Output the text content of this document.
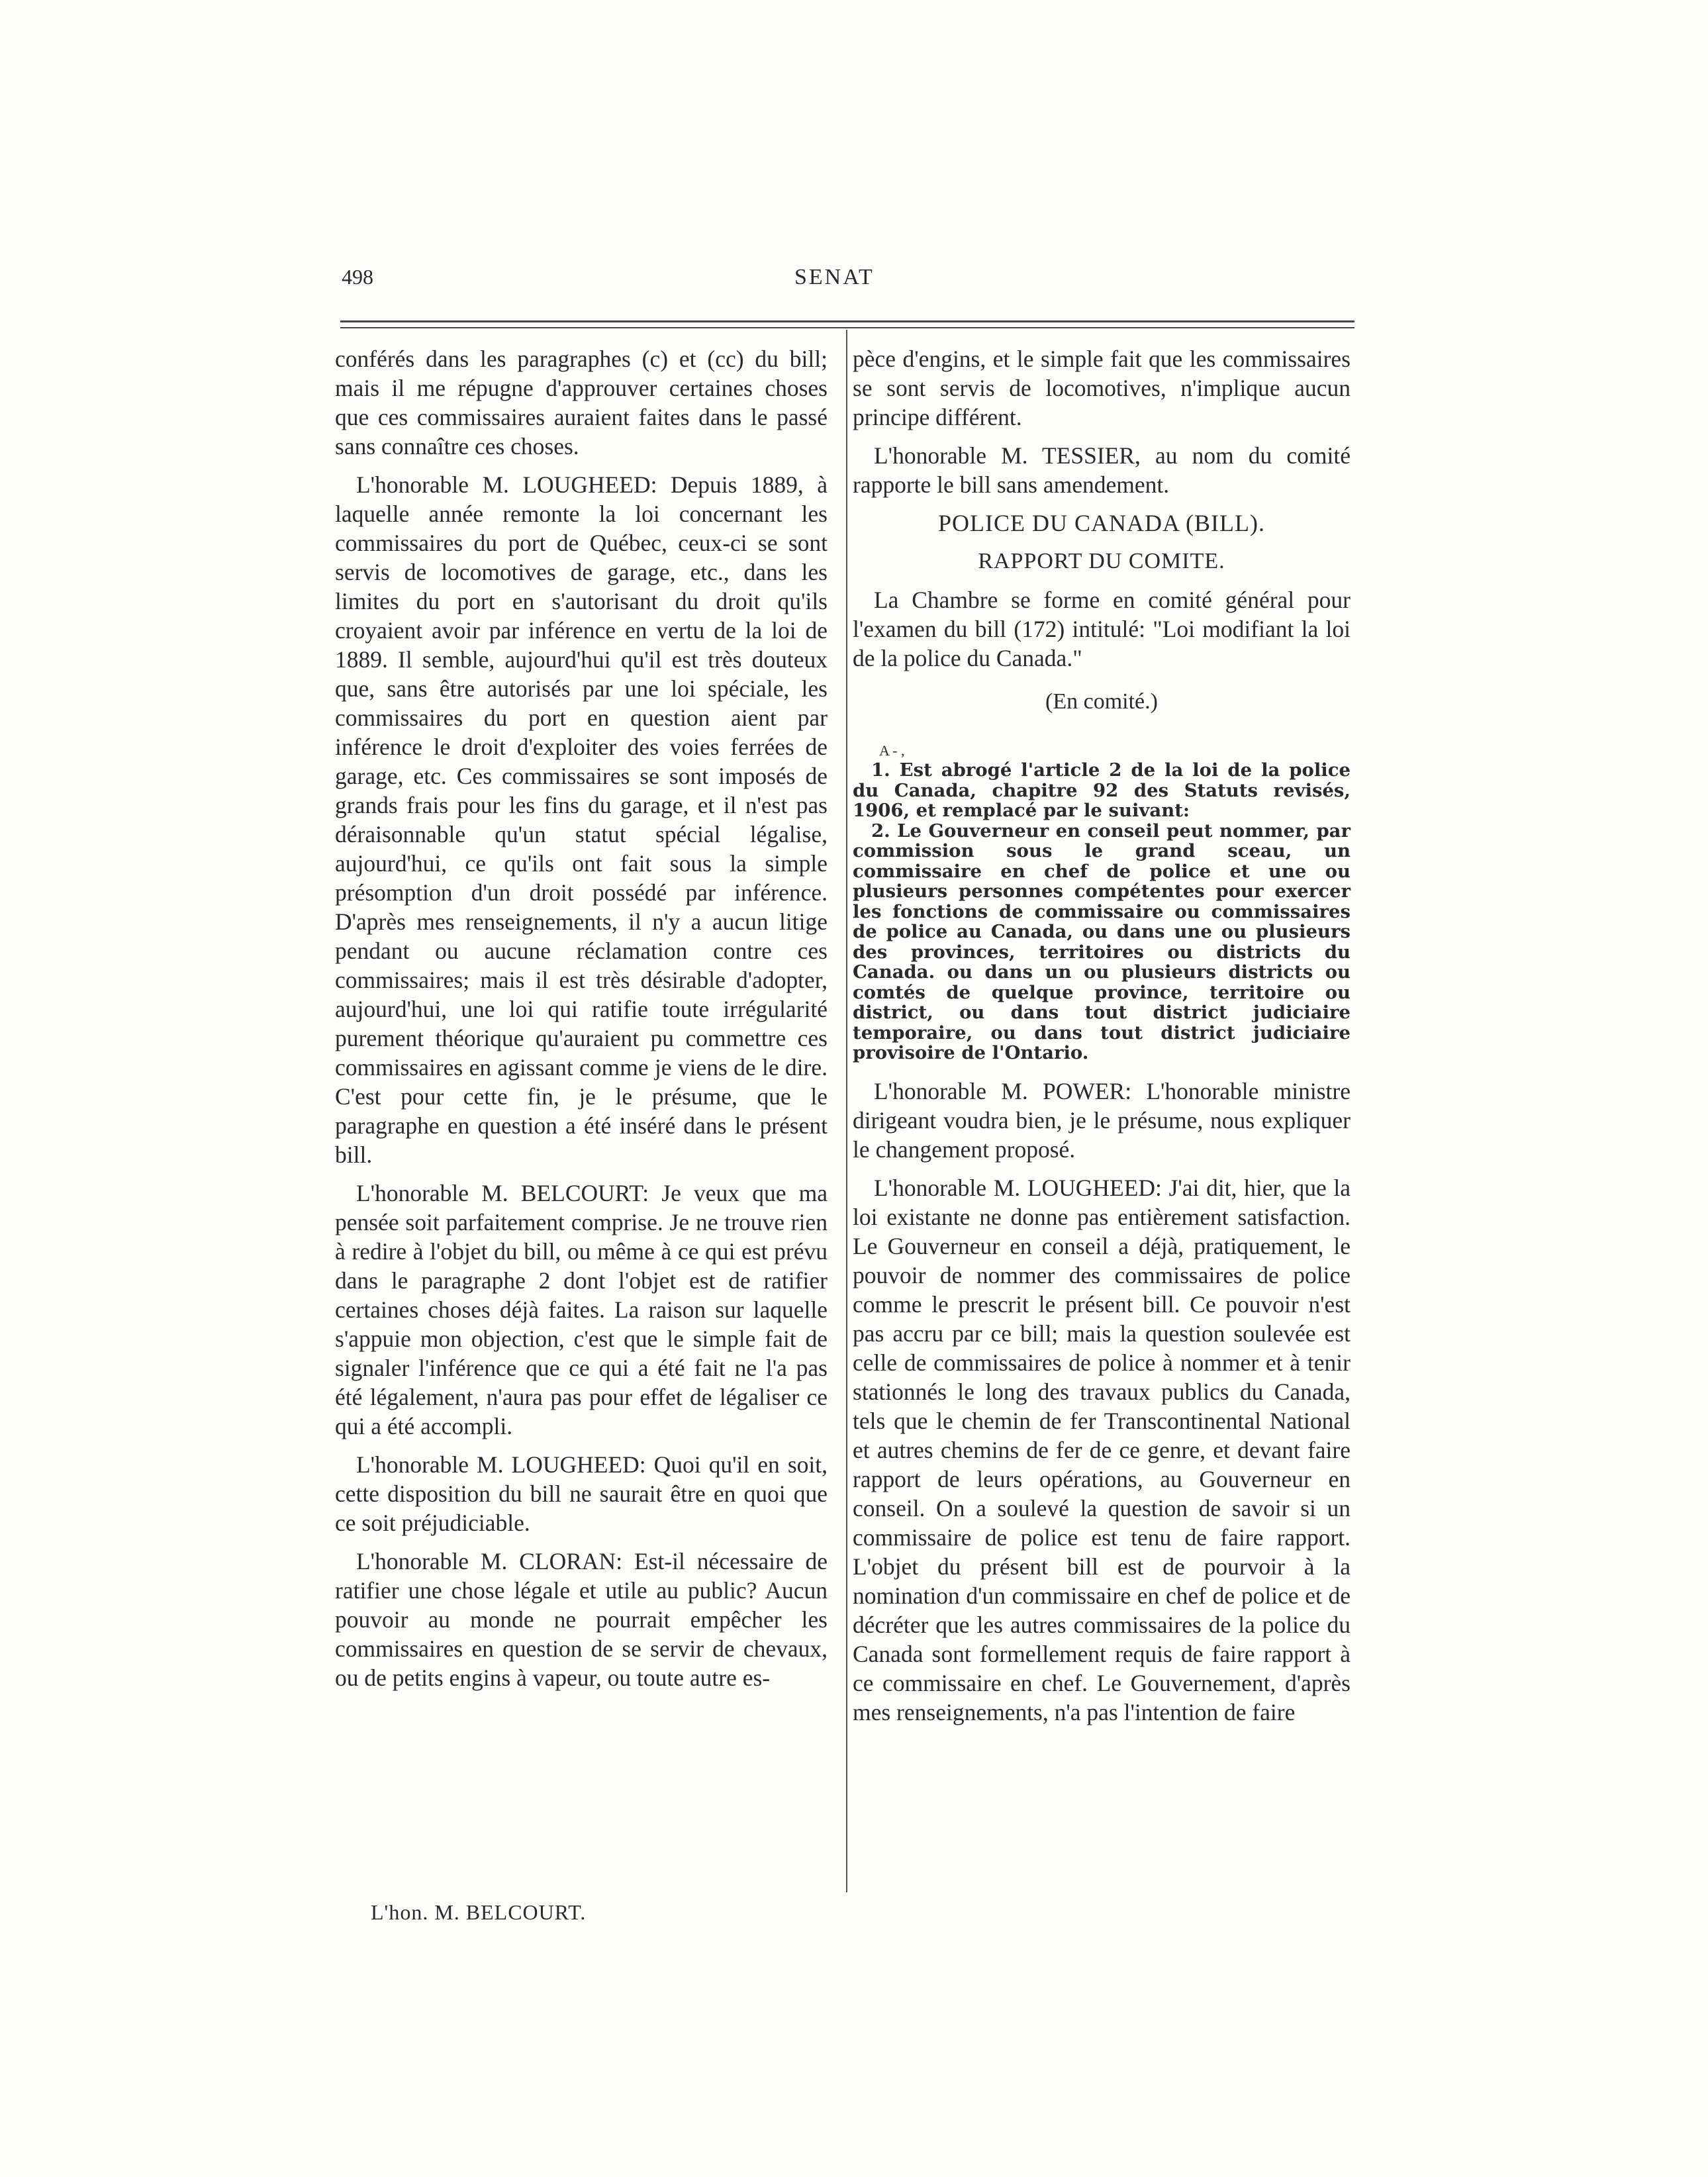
498	SENAT

conférés dans les paragraphes (c) et (cc) du bill; mais il me répugne d'approuver certaines choses que ces commissaires auraient faites dans le passé sans connaître ces choses.

L'honorable M. LOUGHEED: Depuis 1889, à laquelle année remonte la loi concernant les commissaires du port de Québec, ceux-ci se sont servis de locomotives de garage, etc., dans les limites du port en s'autorisant du droit qu'ils croyaient avoir par inférence en vertu de la loi de 1889. Il semble, aujourd'hui qu'il est très douteux que, sans être autorisés par une loi spéciale, les commissaires du port en question aient par inférence le droit d'exploiter des voies ferrées de garage, etc. Ces commissaires se sont imposés de grands frais pour les fins du garage, et il n'est pas déraisonnable qu'un statut spécial légalise, aujourd'hui, ce qu'ils ont fait sous la simple présomption d'un droit possédé par inférence. D'après mes renseignements, il n'y a aucun litige pendant ou aucune réclamation contre ces commissaires; mais il est très désirable d'adopter, aujourd'hui, une loi qui ratifie toute irrégularité purement théorique qu'auraient pu commettre ces commissaires en agissant comme je viens de le dire. C'est pour cette fin, je le présume, que le paragraphe en question a été inséré dans le présent bill.

L'honorable M. BELCOURT: Je veux que ma pensée soit parfaitement comprise. Je ne trouve rien à redire à l'objet du bill, ou même à ce qui est prévu dans le paragraphe 2 dont l'objet est de ratifier certaines choses déjà faites. La raison sur laquelle s'appuie mon objection, c'est que le simple fait de signaler l'inférence que ce qui a été fait ne l'a pas été légalement, n'aura pas pour effet de légaliser ce qui a été accompli.

L'honorable M. LOUGHEED: Quoi qu'il en soit, cette disposition du bill ne saurait être en quoi que ce soit préjudiciable.

L'honorable M. CLORAN: Est-il nécessaire de ratifier une chose légale et utile au public? Aucun pouvoir au monde ne pourrait empêcher les commissaires en question de se servir de chevaux, ou de petits engins à vapeur, ou toute autre es-

pèce d'engins, et le simple fait que les commissaires se sont servis de locomotives, n'implique aucun principe différent.

L'honorable M. TESSIER, au nom du comité rapporte le bill sans amendement.

POLICE DU CANADA (BILL).
RAPPORT DU COMITE.

La Chambre se forme en comité général pour l'examen du bill (172) intitulé: "Loi modifiant la loi de la police du Canada."

(En comité.)
A - ,
1. Est abrogé l'article 2 de la loi de la police du Canada, chapitre 92 des Statuts revisés, 1906, et remplacé par le suivant:
2. Le Gouverneur en conseil peut nommer, par commission sous le grand sceau, un commissaire en chef de police et une ou plusieurs personnes compétentes pour exercer les fonctions de commissaire ou commissaires de police au Canada, ou dans une ou plusieurs des provinces, territoires ou districts du Canada. ou dans un ou plusieurs districts ou comtés de quelque province, territoire ou district, ou dans tout district judiciaire temporaire, ou dans tout district judiciaire provisoire de l'Ontario.

L'honorable M. POWER: L'honorable ministre dirigeant voudra bien, je le présume, nous expliquer le changement proposé.

L'honorable M. LOUGHEED: J'ai dit, hier, que la loi existante ne donne pas entièrement satisfaction. Le Gouverneur en conseil a déjà, pratiquement, le pouvoir de nommer des commissaires de police comme le prescrit le présent bill. Ce pouvoir n'est pas accru par ce bill; mais la question soulevée est celle de commissaires de police à nommer et à tenir stationnés le long des travaux publics du Canada, tels que le chemin de fer Transcontinental National et autres chemins de fer de ce genre, et devant faire rapport de leurs opérations, au Gouverneur en conseil. On a soulevé la question de savoir si un commissaire de police est tenu de faire rapport. L'objet du présent bill est de pourvoir à la nomination d'un commissaire en chef de police et de décréter que les autres commissaires de la police du Canada sont formellement requis de faire rapport à ce commissaire en chef. Le Gouvernement, d'après mes renseignements, n'a pas l'intention de faire

L'hon. M. BELCOURT.
